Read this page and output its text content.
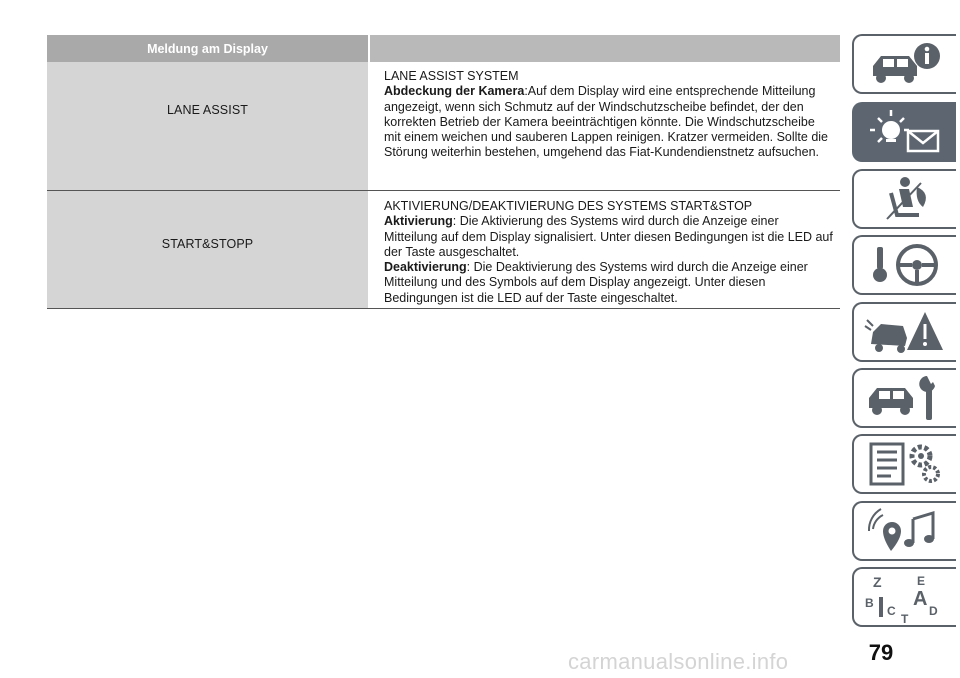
Meldung am Display
LANE ASSIST
LANE ASSIST SYSTEM
Abdeckung der Kamera:Auf dem Display wird eine entsprechende Mitteilung angezeigt, wenn sich Schmutz auf der Windschutzscheibe befindet, der den korrekten Betrieb der Kamera beeinträchtigen könnte. Die Windschutzscheibe mit einem weichen und sauberen Lappen reinigen. Kratzer vermeiden. Sollte die Störung weiterhin bestehen, umgehend das Fiat-Kundendienstnetz aufsuchen.
START&STOPP
AKTIVIERUNG/DEAKTIVIERUNG DES SYSTEMS START&STOP
Aktivierung: Die Aktivierung des Systems wird durch die Anzeige einer Mitteilung auf dem Display signalisiert. Unter diesen Bedingungen ist die LED auf der Taste ausgeschaltet.
Deaktivierung: Die Deaktivierung des Systems wird durch die Anzeige einer Mitteilung und des Symbols auf dem Display angezeigt. Unter diesen Bedingungen ist die LED auf der Taste eingeschaltet.
Z	E
B A
C	D
T
79
carmanualsonline.info
